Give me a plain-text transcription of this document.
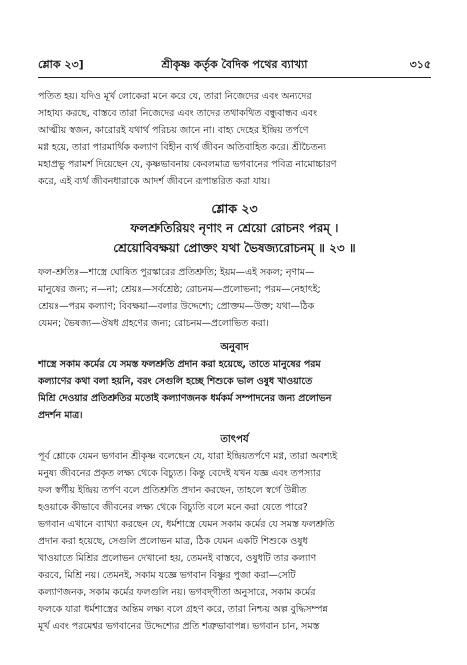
শ্লোক ২৩]	শ্রীকৃষ্ণ কর্তৃক বৈদিক পথের ব্যাখ্যা	৩১৫

পতিত হয়। যদিও মূর্খ লোকেরা মনে করে যে, তারা নিজেদের এবং অন্যদের

সাহায্য করছে, বাস্তবে তারা নিজেদের এবং তাদের তথাকথিত বন্ধুবান্ধব এবং

আত্মীয় স্বজন, কারোরই যথার্থ পরিচয় জানে না। বাহ্য দেহের ইন্দ্রিয় তর্পণে

মগ্ন হয়ে, তারা পারমার্থিক কল্যাণ বিহীন ব্যর্থ জীবন অতিবাহিত করে। শ্রীচৈতন্য

মহাপ্রভু পরামর্শ দিয়েছেন যে, কৃষ্ণভাবনায় কেবলমাত্র ভগবানের পবিত্র নামোচ্চারণ

করে, এই ব্যর্থ জীবনধারাকে আদর্শ জীবনে রূপান্তরিত করা যায়।

শ্লোক ২৩
ফলশ্রুতিরিয়ং নৃণাং ন শ্রেয়ো রোচনং পরম্‌ ।
শ্রেয়োবিবক্ষয়া প্রোক্তং যথা ভৈষজ্যরোচনম্‌ ॥ ২৩ ॥

ফল-শ্রুতিঃ—শাস্ত্রে ঘোষিত পুরস্কারের প্রতিশ্রুতি; ইয়ম—এই সকল; নৃণাম—

মানুষের জন্য; ন—না; শ্রেয়ঃ—সর্বশ্রেষ্ঠ; রোচনম—প্রলোভনা; পরম—নেহাৎই;

শ্রেয়ঃ—পরম কল্যাণ; বিবক্ষয়া—বলার উদ্দেশ্যে; প্রোক্তম—উক্ত; যথা—ঠিক

যেমন; ভৈষজ্য—ঔষধ গ্রহণের জন্য; রোচনম—প্রলোভিত করা।

অনুবাদ

শাস্ত্রে সকাম কর্মের যে সমস্ত ফলশ্রুতি প্রদান করা হয়েছে, তাতে মানুষের পরম

কল্যাণের কথা বলা হয়নি, বরং সেগুলি হচ্ছে শিশুকে ভাল ওষুধ খাওয়াতে

মিশ্রি দেওয়ার প্রতিশ্রুতির মতোই কল্যাণজনক ধর্মকর্ম সম্পাদনের জন্য প্রলোভন

প্রদর্শন মাত্র।

তাৎপর্য

পূর্ব শ্লোকে যেমন ভগবান শ্রীকৃষ্ণ বলেছেন যে, যারা ইন্দ্রিয়তর্পণে মগ্ন, তারা অবশ্যই

মনুষ্য জীবনের প্রকৃত লক্ষ্য থেকে বিচ্যুত। কিন্তু বেদেই যখন যজ্ঞ এবং তপস্যার

ফল স্বর্গীয় ইন্দ্রিয় তর্পণ বলে প্রতিশ্রুতি প্রদান করছেন, তাহলে স্বর্গে উন্নীত

হওয়াকে কীভাবে জীবনের লক্ষ্য থেকে বিচ্যুতি বলে মনে করা যেতে পারে?

ভগবান এখানে ব্যাখ্যা করছেন যে, ধর্মশাস্ত্রে যেমন সকাম কর্মের যে সমস্ত ফলশ্রুতি

প্রদান করা হয়েছে, সেগুলি প্রলোভন মাত্র, ঠিক যেমন একটি শিশুকে ওষুধ

খাওয়াতে মিশ্রির প্রলোভন দেখানো হয়, তেমনই বাস্তবে, ওষুধটি তার কল্যাণ

করবে, মিশ্রি নয়। তেমনই, সকাম যজ্ঞে ভগবান বিষ্ণুর পুজা করা—সেটি

কল্যাণজনক, সকাম কর্মের ফলগুলি নয়। ভগবদ্‌গীতা অনুসারে, সকাম কর্মের

ফলকে যারা ধর্মশাস্ত্রের অন্তিম লক্ষ্য বলে গ্রহণ করে, তারা নিশ্চয় অল্প বুদ্ধিসম্পন্ন

মূর্খ এবং পরমেশ্বর ভগবানের উদ্দেশ্যের প্রতি শত্রুভাবাপন্ন। ভগবান চান, সমস্ত
